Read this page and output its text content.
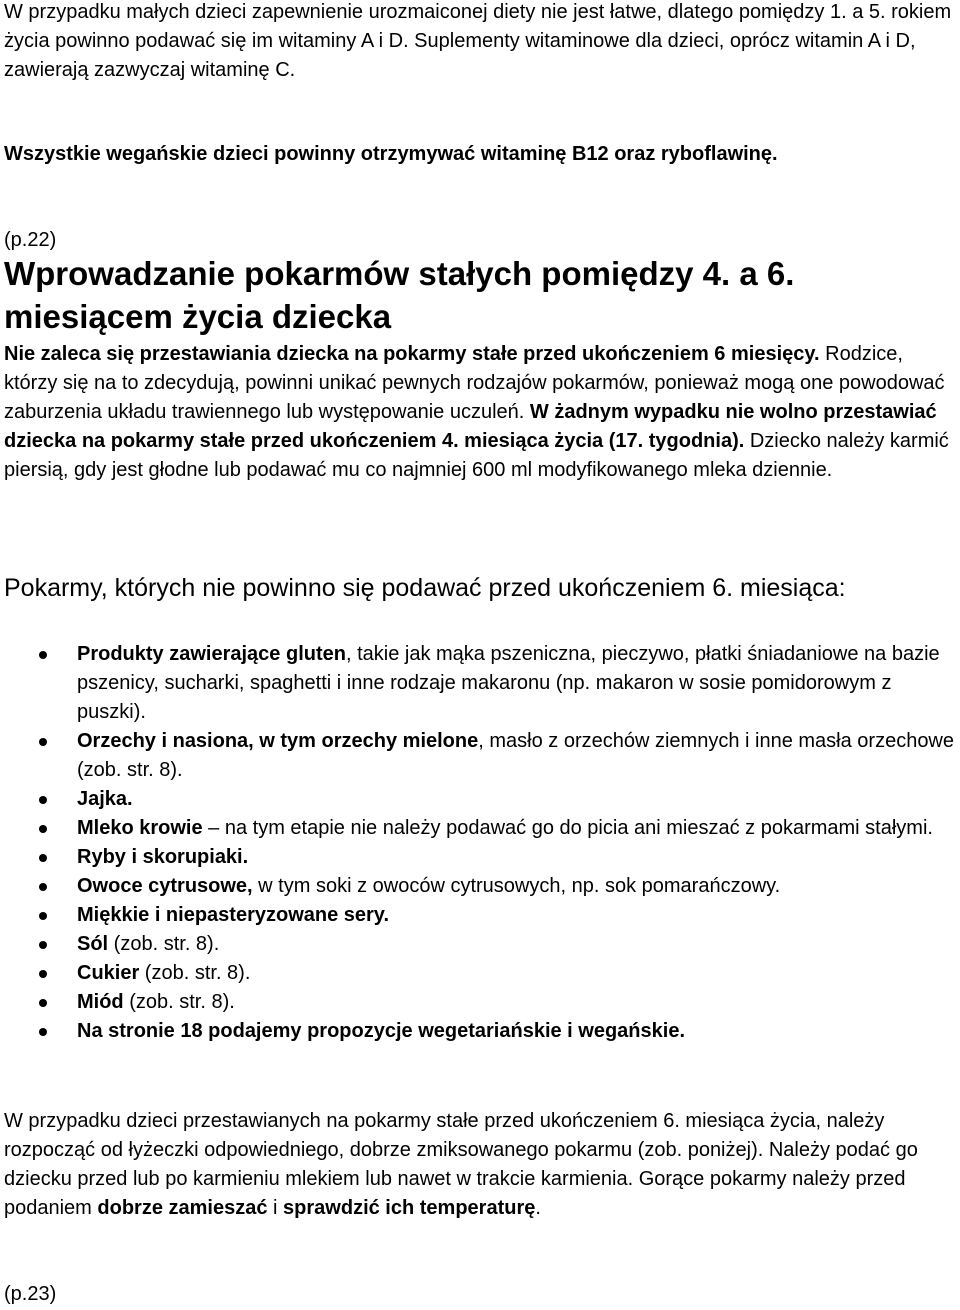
W przypadku małych dzieci zapewnienie urozmaiconej diety nie jest łatwe, dlatego pomiędzy 1. a 5. rokiem życia powinno podawać się im witaminy A i D. Suplementy witaminowe dla dzieci, oprócz witamin A i D, zawierają zazwyczaj witaminę C.

Wszystkie wegańskie dzieci powinny otrzymywać witaminę B12 oraz ryboflawinę.

(p.22)

Wprowadzanie pokarmów stałych pomiędzy 4. a 6. miesiącem życia dziecka

Nie zaleca się przestawiania dziecka na pokarmy stałe przed ukończeniem 6 miesięcy. Rodzice, którzy się na to zdecydują, powinni unikać pewnych rodzajów pokarmów, ponieważ mogą one powodować zaburzenia układu trawiennego lub występowanie uczuleń. W żadnym wypadku nie wolno przestawiać dziecka na pokarmy stałe przed ukończeniem 4. miesiąca życia (17. tygodnia). Dziecko należy karmić piersią, gdy jest głodne lub podawać mu co najmniej 600 ml modyfikowanego mleka dziennie.

Pokarmy, których nie powinno się podawać przed ukończeniem 6. miesiąca:
Produkty zawierające gluten, takie jak mąka pszeniczna, pieczywo, płatki śniadaniowe na bazie pszenicy, sucharki, spaghetti i inne rodzaje makaronu (np. makaron w sosie pomidorowym z puszki).
Orzechy i nasiona, w tym orzechy mielone, masło z orzechów ziemnych i inne masła orzechowe (zob. str. 8).
Jajka.
Mleko krowie – na tym etapie nie należy podawać go do picia ani mieszać z pokarmami stałymi.
Ryby i skorupiaki.
Owoce cytrusowe, w tym soki z owoców cytrusowych, np. sok pomarańczowy.
Miękkie i niepasteryzowane sery.
Sól (zob. str. 8).
Cukier (zob. str. 8).
Miód (zob. str. 8).
Na stronie 18 podajemy propozycje wegetariańskie i wegańskie.

W przypadku dzieci przestawianych na pokarmy stałe przed ukończeniem 6. miesiąca życia, należy rozpocząć od łyżeczki odpowiedniego, dobrze zmiksowanego pokarmu (zob. poniżej). Należy podać go dziecku przed lub po karmieniu mlekiem lub nawet w trakcie karmienia. Gorące pokarmy należy przed podaniem dobrze zamieszać i sprawdzić ich temperaturę.

(p.23)
